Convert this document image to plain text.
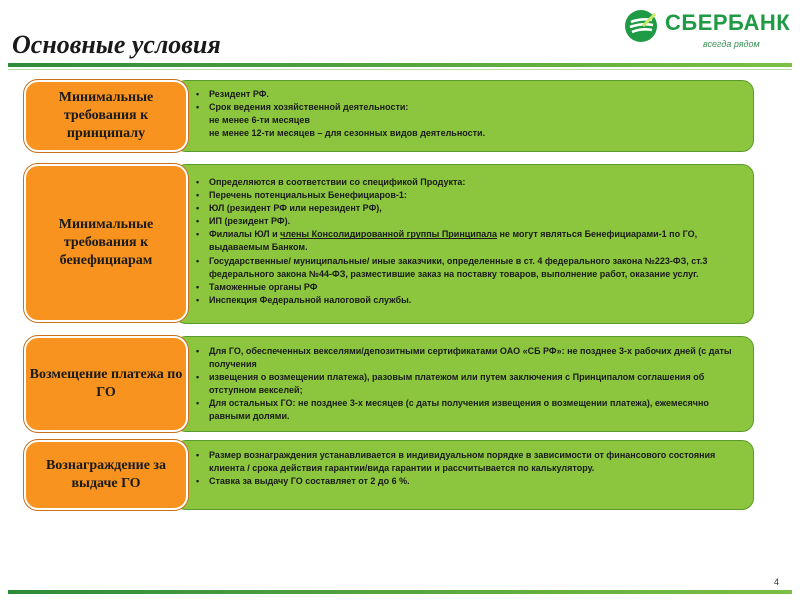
Основные условия
СБЕРБАНК
всегда рядом
Минимальные требования к принципалу
• Резидент РФ.
• Срок ведения хозяйственной деятельности:
не менее 6-ти месяцев
не менее 12-ти месяцев – для сезонных видов деятельности.
Минимальные требования к бенефициарам
• Определяются в соответствии со спецификой Продукта:
• Перечень потенциальных Бенефициаров-1:
• ЮЛ (резидент РФ или нерезидент РФ),
• ИП (резидент РФ).
• Филиалы ЮЛ и члены Консолидированной группы Принципала не могут являться Бенефициарами-1 по ГО, выдаваемым Банком.
• Государственные/ муниципальные/ иные заказчики, определенные в ст. 4 федерального закона №223-ФЗ, ст.3 федерального закона №44-ФЗ, разместившие заказ на поставку товаров, выполнение работ, оказание услуг.
• Таможенные органы РФ
• Инспекция Федеральной налоговой службы.
Возмещение платежа по ГО
• Для ГО, обеспеченных векселями/депозитными сертификатами ОАО «СБ РФ»: не позднее 3-х рабочих дней (с даты получения
• извещения о возмещении платежа), разовым платежом или путем заключения с Принципалом соглашения об отступном векселей;
• Для остальных ГО: не позднее 3-х месяцев (с даты получения извещения о возмещении платежа), ежемесячно равными долями.
Вознаграждение за выдаче ГО
• Размер вознаграждения устанавливается в индивидуальном порядке в зависимости от финансового состояния клиента / срока действия гарантии/вида гарантии и рассчитывается по калькулятору.
• Ставка за выдачу ГО составляет от 2 до 6 %.
4
